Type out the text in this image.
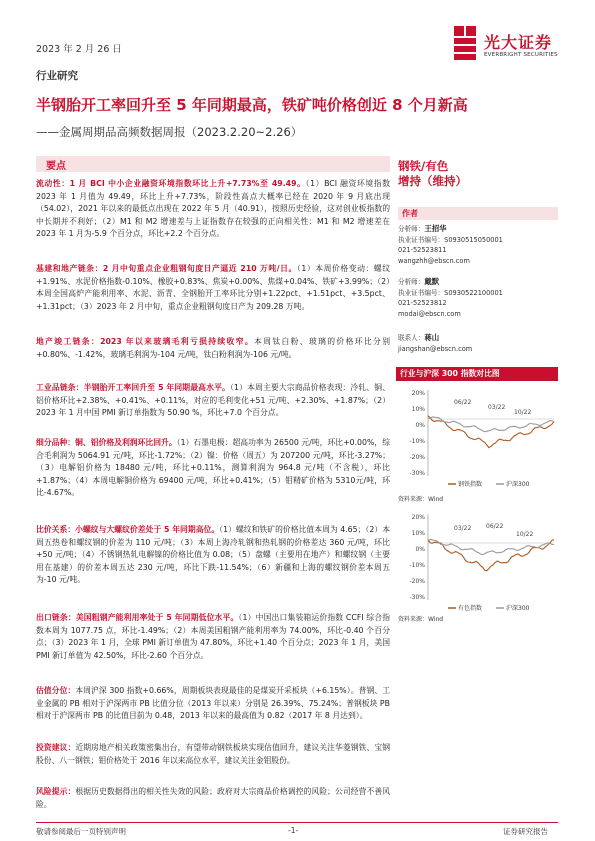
2023 年 2 月 26 日	光大证券
EVERBRIGHT SECURITIES
行业研究
半钢胎开工率回升至 5 年同期最高，铁矿吨价格创近 8 个月新高
——金属周期品高频数据周报（2023.2.20~2.26）
要点
流动性：1 月 BCI 中小企业融资环境指数环比上升+7.73%至 49.49。（1）BCI 融资环境指数 2023 年 1 月值为 49.49，环比上升+7.73%，阶段性高点大概率已经在 2020 年 9 月底出现（54.02），2021 年以来的最低点出现在 2022 年 5 月（40.91），按照历史经验，这对创业板指数的中长期并不利好；（2）M1 和 M2 增速差与上证指数存在较强的正向相关性：M1 和 M2 增速差在 2023 年 1 月为-5.9 个百分点，环比+2.2 个百分点。
基建和地产链条：2 月中旬重点企业粗钢旬度日产逼近 210 万吨/日。（1）本周价格变动：螺纹+1.91%、水泥价格指数-0.10%、橡胶+0.83%、焦炭+0.00%、焦煤+0.04%、铁矿+3.99%；（2）本周全国高炉产能利用率、水泥、沥青、全钢胎开工率环比分别+1.22pct、+1.51pct、+3.5pct、+1.31pct；（3）2023 年 2 月中旬，重点企业粗钢旬度日产为 209.28 万吨。
地产竣工链条：2023 年以来玻璃毛利亏损持续收窄。本周钛白粉、玻璃的价格环比分别+0.80%、-1.42%，玻璃毛利润为-104 元/吨，钛白粉利润为-106 元/吨。
工业品链条：半钢胎开工率回升至 5 年同期最高水平。（1）本周主要大宗商品价格表现：冷轧、铜、铝价格环比+2.38%、+0.41%、+0.11%，对应的毛利变化+51 元/吨、+2.30%、+1.87%；（2）2023 年 1 月中国 PMI 新订单指数为 50.90 %，环比+7.0 个百分点。
细分品种：铜、铝价格及利润环比回升。（1）石墨电极：超高功率为 26500 元/吨，环比+0.00%，综合毛利润为 5064.91 元/吨，环比-1.72%；（2）镍：价格（周五）为 207200 元/吨，环比-3.27%；（3）电解铝价格为 18480 元/吨，环比+0.11%，测算利润为 964.8 元/吨（不含税），环比+1.87%；（4）本周电解铜价格为 69400 元/吨，环比+0.41%；（5）钼精矿价格为 5310元/吨，环比-4.67%。
比价关系：小螺纹与大螺纹价差处于 5 年同期高位。（1）螺纹和铁矿的价格比值本周为 4.65；（2）本周五热卷和螺纹钢的价差为 110 元/吨；（3）本周上海冷轧钢和热轧钢的价格差达 360 元/吨，环比+50 元/吨；（4）不锈钢热轧电解镍的价格比值为 0.08；（5）盘螺（主要用在地产）和螺纹钢（主要用在基建）的价差本周五达 230 元/吨，环比下跌-11.54%；（6）新疆和上海的螺纹钢价差本周五为-10 元/吨。
出口链条：美国粗钢产能利用率处于 5 年同期低位水平。（1）中国出口集装箱运价指数 CCFI 综合指数本周为 1077.75 点，环比-1.49%；（2）本周美国粗钢产能利用率为 74.00%，环比-0.40 个百分点；（3）2023 年 1 月，全球 PMI 新订单值为 47.80%，环比+1.40 个百分点；2023 年 1 月，美国 PMI 新订单值为 42.50%，环比-2.60 个百分点。
估值分位：本周沪深 300 指数+0.66%，周期板块表现最佳的是煤炭开采板块（+6.15%）。普钢、工业金属的 PB 相对于沪深两市 PB 比值分位（2013 年以来）分别是 26.39%、75.24%；普钢板块 PB 相对于沪深两市 PB 的比值目前为 0.48，2013 年以来的最高值为 0.82（2017 年 8 月达到）。
投资建议：近期房地产相关政策密集出台，有望带动钢铁板块实现估值回升，建议关注华菱钢铁、宝钢股份、八一钢铁；钼价格处于 2016 年以来高位水平，建议关注金钼股份。
风险提示：根据历史数据得出的相关性失效的风险；政府对大宗商品价格调控的风险；公司经营不善风险。
钢铁/有色
增持（维持）
作者
分析师：王招华
执业证书编号：S0930515050001
021-52523811
wangzhh@ebscn.com
分析师：戴默
执业证书编号：S0930522100001
021-52523812
modai@ebscn.com
联系人：蒋山
jiangshan@ebscn.com
行业与沪深 300 指数对比图
20%
10%
0%
-10%
-20%
-30%
03/22
06/22
10/22
钢铁指数	沪深300
资料来源：Wind
20%
10%
0%
-10%
-20%
-30%
03/22 06/22
10/22
有色指数	沪深300
资料来源：Wind
敬请参阅最后一页特别声明	-1-	证券研究报告
